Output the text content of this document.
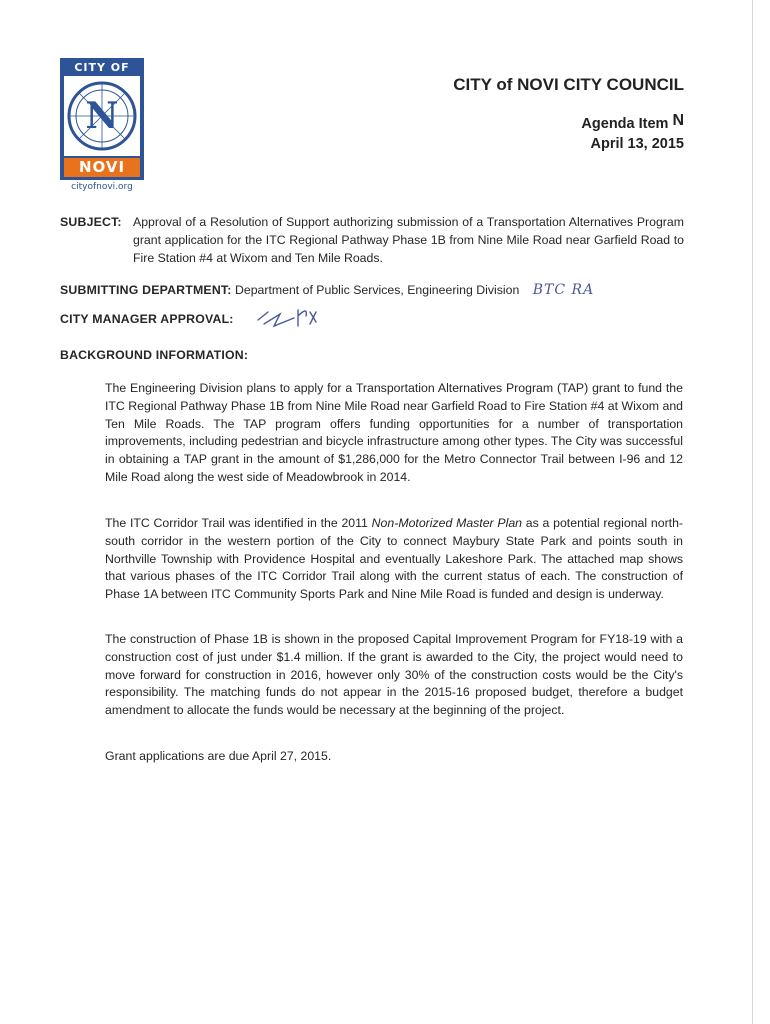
CITY OF
N
NOVI
cityofnovi.org
CITY of NOVI CITY COUNCIL
Agenda Item N
April 13, 2015
SUBJECT: Approval of a Resolution of Support authorizing submission of a Transportation Alternatives Program grant application for the ITC Regional Pathway Phase 1B from Nine Mile Road near Garfield Road to Fire Station #4 at Wixom and Ten Mile Roads.
SUBMITTING DEPARTMENT: Department of Public Services, Engineering Division BTC RA
CITY MANAGER APPROVAL:
BACKGROUND INFORMATION:
The Engineering Division plans to apply for a Transportation Alternatives Program (TAP) grant to fund the ITC Regional Pathway Phase 1B from Nine Mile Road near Garfield Road to Fire Station #4 at Wixom and Ten Mile Roads. The TAP program offers funding opportunities for a number of transportation improvements, including pedestrian and bicycle infrastructure among other types. The City was successful in obtaining a TAP grant in the amount of $1,286,000 for the Metro Connector Trail between I-96 and 12 Mile Road along the west side of Meadowbrook in 2014.
The ITC Corridor Trail was identified in the 2011 Non-Motorized Master Plan as a potential regional north-south corridor in the western portion of the City to connect Maybury State Park and points south in Northville Township with Providence Hospital and eventually Lakeshore Park. The attached map shows that various phases of the ITC Corridor Trail along with the current status of each. The construction of Phase 1A between ITC Community Sports Park and Nine Mile Road is funded and design is underway.
The construction of Phase 1B is shown in the proposed Capital Improvement Program for FY18-19 with a construction cost of just under $1.4 million. If the grant is awarded to the City, the project would need to move forward for construction in 2016, however only 30% of the construction costs would be the City's responsibility. The matching funds do not appear in the 2015-16 proposed budget, therefore a budget amendment to allocate the funds would be necessary at the beginning of the project.
Grant applications are due April 27, 2015.
